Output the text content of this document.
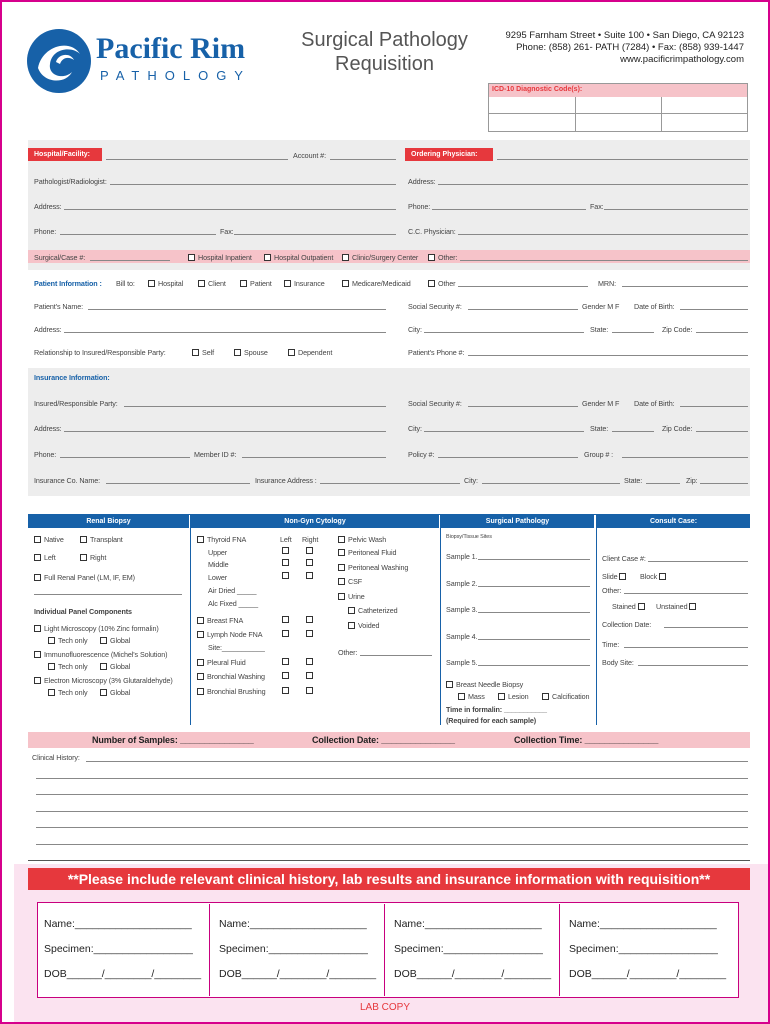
Pacific Rim
PATHOLOGY
Surgical Pathology
Requisition
9295 Farnham Street • Suite 100 • San Diego, CA 92123
Phone: (858) 261- PATH (7284) • Fax: (858) 939-1447
www.pacificrimpathology.com
ICD-10 Diagnostic Code(s):
Hospital/Facility:	Account #:	Ordering Physician:
Pathologist/Radiologist:	Address:
Address:	Phone:	Fax:
Phone:	Fax:	C.C. Physician:
Surgical/Case #:	Hospital Inpatient	Hospital Outpatient	Clinic/Surgery Center	Other:
Patient Information : Bill to:	Hospital	Client	Patient	Insurance	Medicare/Medicaid	Other	MRN:
Patient's Name:	Social Security #:	Gender M F Date of Birth:
Address:	City:	State:	Zip Code:
Relationship to Insured/Responsible Party:	Self	Spouse	Dependent	Patient's Phone #:
Insurance Information:
Insured/Responsible Party:	Social Security #:	Gender M F Date of Birth:
Address:	City:	State:	Zip Code:
Phone:	Member ID #:	Policy #:	Group # :
Insurance Co. Name:	Insurance Address :	City:	State:	Zip:
Renal Biopsy	Non-Gyn Cytology	Surgical Pathology	Consult Case:
Native	Transplant
Left	Right
Full Renal Panel (LM, IF, EM)
Individual Panel Components
Light Microscopy (10% Zinc formalin)
Tech only	Global
Immunofluorescence (Michel's Solution)
Tech only	Global
Electron Microscopy (3% Glutaraldehyde)
Tech only	Global
Thyroid FNA	Left Right
Upper
Middle
Lower
Air Dried _____
Alc Fixed _____
Breast FNA
Lymph Node FNA
Site:___________
Pleural Fluid
Bronchial Washing
Bronchial Brushing
Pelvic Wash
Peritoneal Fluid
Peritoneal Washing
CSF
Urine
Catheterized
Voided
Other:
Biopsy/Tissue Sites
Sample 1.
Sample 2.
Sample 3.
Sample 4.
Sample 5.
Breast Needle Biopsy
Mass	Lesion	Calcification
Time in formalin: ___________
(Required for each sample)
Client Case #:
Slide	Block
Other:
Stained	Unstained
Collection Date:
Time:
Body Site:
Number of Samples: _______________	Collection Date: _______________	Collection Time: _______________
Clinical History:
**Please include relevant clinical history, lab results and insurance information with requisition**
Name:____________________
Specimen:_________________
DOB______/________/________
Name:____________________
Specimen:_________________
DOB______/________/________
Name:____________________
Specimen:_________________
DOB______/________/________
Name:____________________
Specimen:_________________
DOB______/________/________
LAB COPY
